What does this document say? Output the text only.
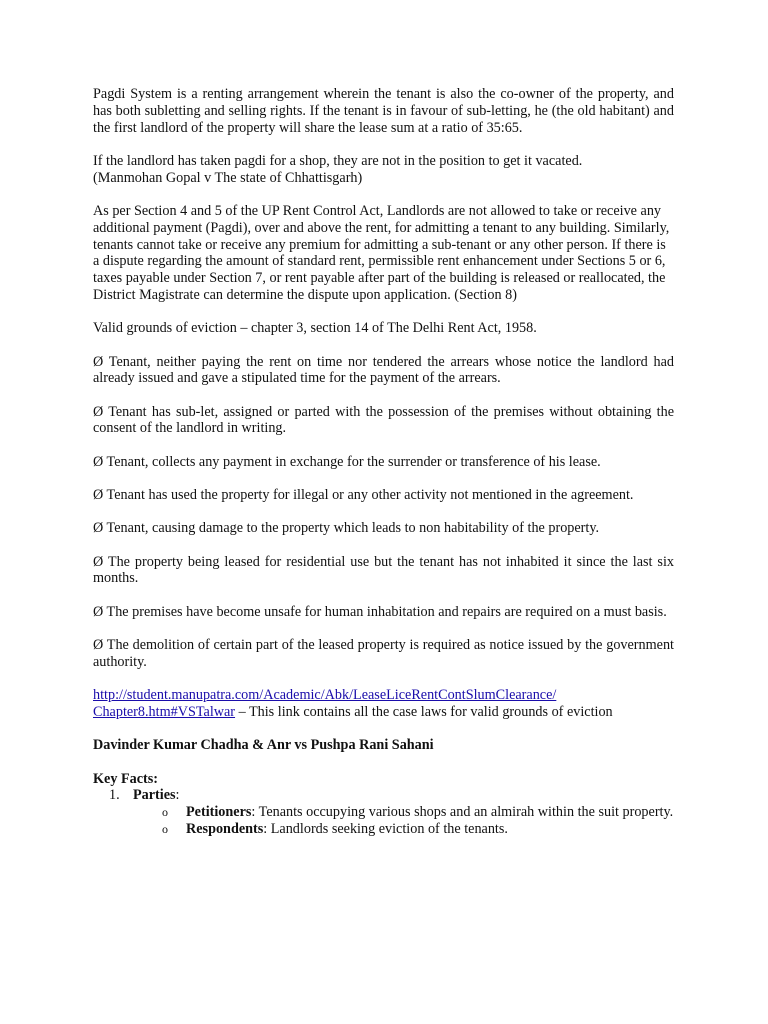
Pagdi System is a renting arrangement wherein the tenant is also the co-owner of the property, and has both subletting and selling rights. If the tenant is in favour of sub-letting, he (the old habitant) and the first landlord of the property will share the lease sum at a ratio of 35:65.

If the landlord has taken pagdi for a shop, they are not in the position to get it vacated.
(Manmohan Gopal v The state of Chhattisgarh)

As per Section 4 and 5 of the UP Rent Control Act, Landlords are not allowed to take or receive any additional payment (Pagdi), over and above the rent, for admitting a tenant to any building. Similarly, tenants cannot take or receive any premium for admitting a sub-tenant or any other person. If there is a dispute regarding the amount of standard rent, permissible rent enhancement under Sections 5 or 6, taxes payable under Section 7, or rent payable after part of the building is released or reallocated, the District Magistrate can determine the dispute upon application. (Section 8)

Valid grounds of eviction – chapter 3, section 14 of The Delhi Rent Act, 1958.

Ø Tenant, neither paying the rent on time nor tendered the arrears whose notice the landlord had already issued and gave a stipulated time for the payment of the arrears.

Ø Tenant has sub-let, assigned or parted with the possession of the premises without obtaining the consent of the landlord in writing.

Ø Tenant, collects any payment in exchange for the surrender or transference of his lease.

Ø Tenant has used the property for illegal or any other activity not mentioned in the agreement.

Ø Tenant, causing damage to the property which leads to non habitability of the property.

Ø The property being leased for residential use but the tenant has not inhabited it since the last six months.

Ø The premises have become unsafe for human inhabitation and repairs are required on a must basis.

Ø The demolition of certain part of the leased property is required as notice issued by the government authority.

http://student.manupatra.com/Academic/Abk/LeaseLiceRentContSlumClearance/
Chapter8.htm#VSTalwar – This link contains all the case laws for valid grounds of eviction

Davinder Kumar Chadha & Anr vs Pushpa Rani Sahani

Key Facts:
1. Parties:
o Petitioners: Tenants occupying various shops and an almirah within the suit property.
o Respondents: Landlords seeking eviction of the tenants.
